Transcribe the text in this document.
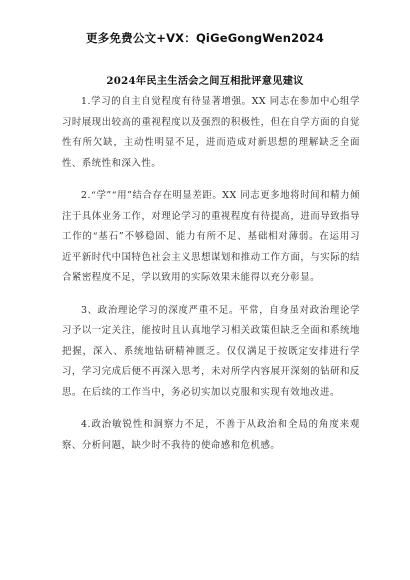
更多免费公文+VX：QiGeGongWen2024
2024年民主生活会之间互相批评意见建议

1.学习的自主自觉程度有待显著增强。XX 同志在参加中心组学习时展现出较高的重视程度以及强烈的积极性，但在自学方面的自觉性有所欠缺，主动性明显不足，进而造成对新思想的理解缺乏全面性、系统性和深入性。

2.“学”“用”结合存在明显差距。XX 同志更多地将时间和精力倾注于具体业务工作，对理论学习的重视程度有待提高，进而导致指导工作的“基石”不够稳固、能力有所不足、基础相对薄弱。在运用习近平新时代中国特色社会主义思想谋划和推动工作方面，与实际的结合紧密程度不足，学以致用的实际效果未能得以充分彰显。

3、政治理论学习的深度严重不足。平常，自身虽对政治理论学习予以一定关注，能按时且认真地学习相关政策但缺乏全面和系统地把握，深入、系统地钻研精神匮乏。仅仅满足于按既定安排进行学习，学习完成后便不再深入思考，未对所学内容展开深刻的钻研和反思。在后续的工作当中，务必切实加以克服和实现有效地改进。

4.政治敏锐性和洞察力不足，不善于从政治和全局的角度来观察、分析问题，缺少时不我待的使命感和危机感。
